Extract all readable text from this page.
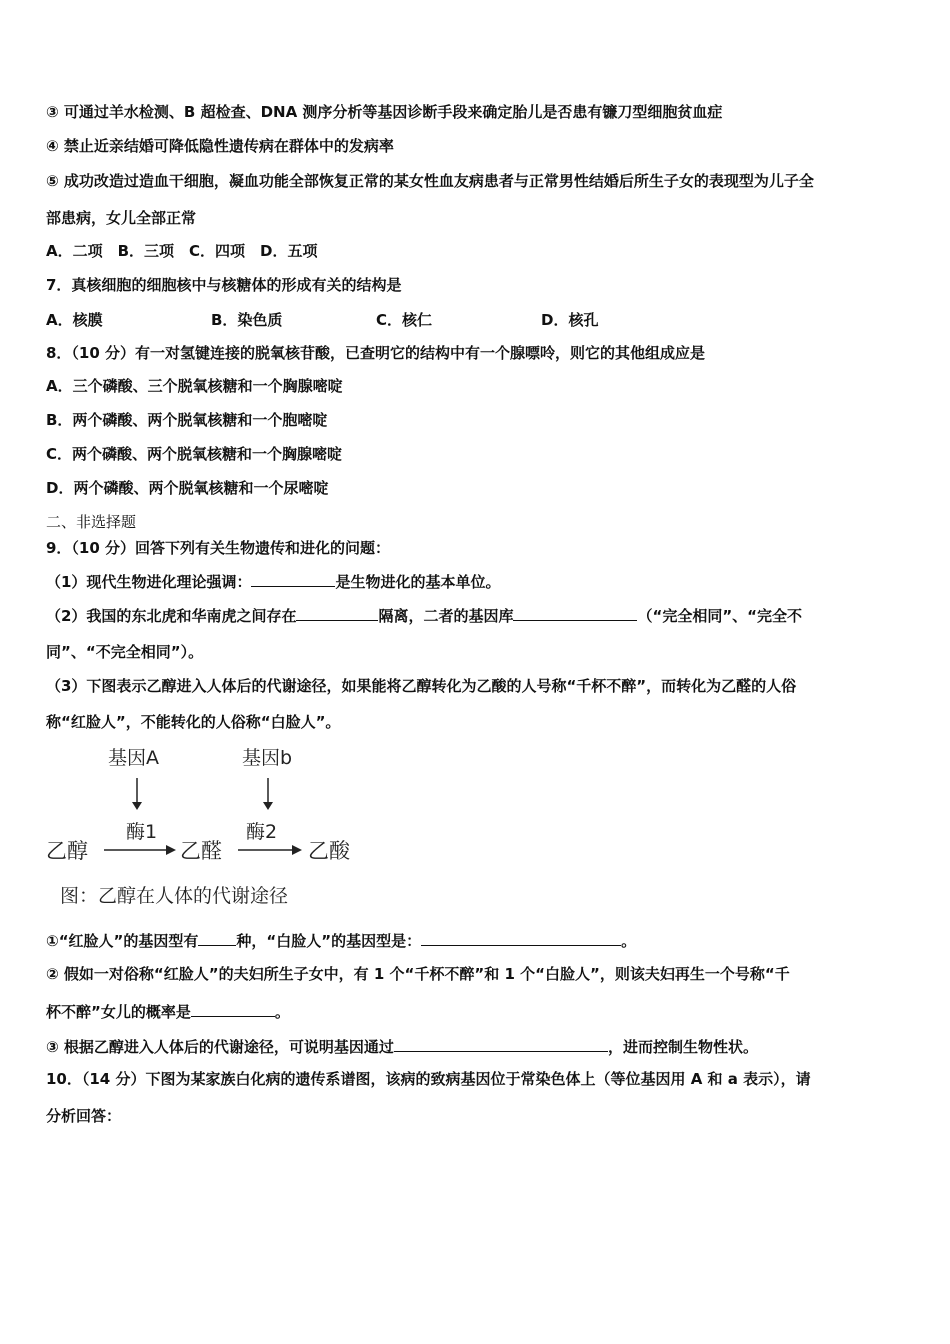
③ 可通过羊水检测、B 超检查、DNA 测序分析等基因诊断手段来确定胎儿是否患有镰刀型细胞贫血症
④ 禁止近亲结婚可降低隐性遗传病在群体中的发病率
⑤ 成功改造过造血干细胞，凝血功能全部恢复正常的某女性血友病患者与正常男性结婚后所生子女的表现型为儿子全
部患病，女儿全部正常
A．二项　B．三项　C．四项　D．五项
7．真核细胞的细胞核中与核糖体的形成有关的结构是
A．核膜	B．染色质	C．核仁	D．核孔
8．（10 分）有一对氢键连接的脱氧核苷酸，已查明它的结构中有一个腺嘌呤，则它的其他组成应是
A．三个磷酸、三个脱氧核糖和一个胸腺嘧啶
B．两个磷酸、两个脱氧核糖和一个胞嘧啶
C．两个磷酸、两个脱氧核糖和一个胸腺嘧啶
D．两个磷酸、两个脱氧核糖和一个尿嘧啶
二、非选择题
9．（10 分）回答下列有关生物遗传和进化的问题：
（1）现代生物进化理论强调：	是生物进化的基本单位。
（2）我国的东北虎和华南虎之间存在	隔离，二者的基因库	（“完全相同”、“完全不
同”、“不完全相同”）。
（3）下图表示乙醇进入人体后的代谢途径，如果能将乙醇转化为乙酸的人号称“千杯不醉”，而转化为乙醛的人俗
称“红脸人”，不能转化的人俗称“白脸人”。
基因A	基因b
酶1	酶2
乙醇	乙醛	乙酸
图：乙醇在人体的代谢途径
①“红脸人”的基因型有	种，“白脸人”的基因型是：	。
② 假如一对俗称“红脸人”的夫妇所生子女中，有 1 个“千杯不醉”和 1 个“白脸人”，则该夫妇再生一个号称“千
杯不醉”女儿的概率是	。
③ 根据乙醇进入人体后的代谢途径，可说明基因通过	，进而控制生物性状。
10．（14 分）下图为某家族白化病的遗传系谱图，该病的致病基因位于常染色体上（等位基因用 A 和 a 表示），请
分析回答：
